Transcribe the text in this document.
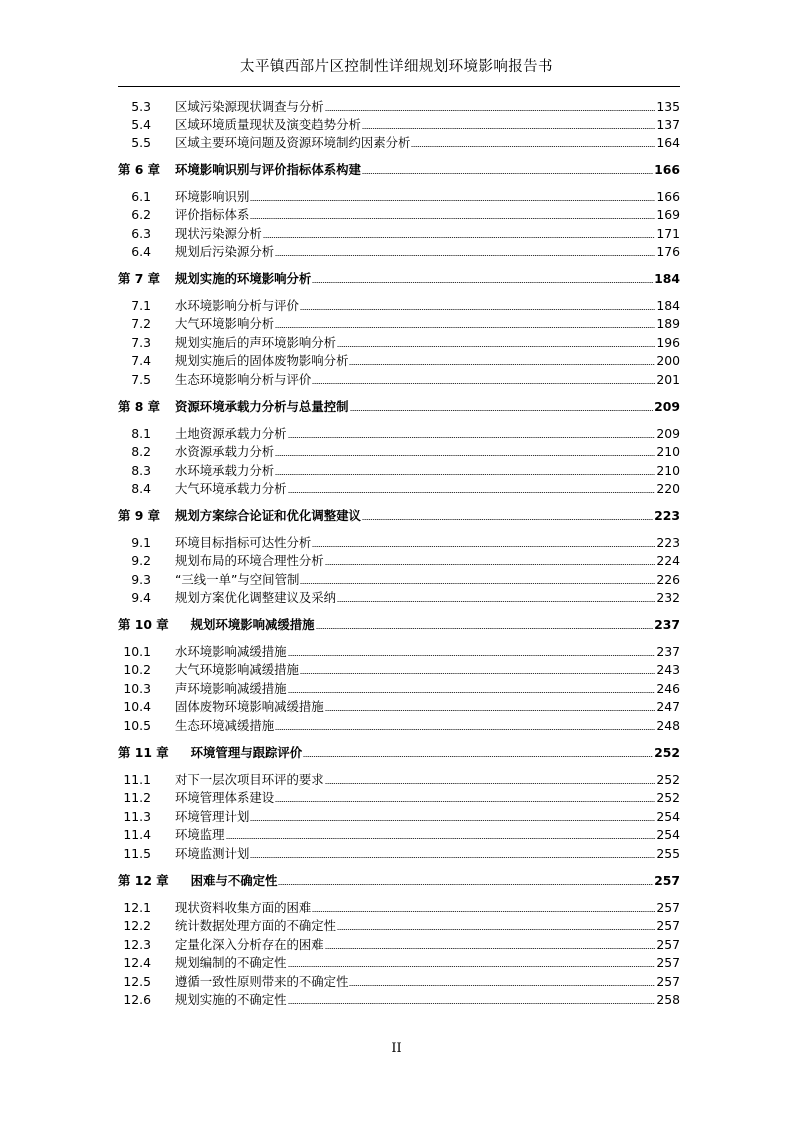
太平镇西部片区控制性详细规划环境影响报告书
5.3 区域污染源现状调查与分析	135
5.4 区域环境质量现状及演变趋势分析	137
5.5 区域主要环境问题及资源环境制约因素分析	164
第 6 章 环境影响识别与评价指标体系构建	166
6.1 环境影响识别	166
6.2 评价指标体系	169
6.3 现状污染源分析	171
6.4 规划后污染源分析	176
第 7 章 规划实施的环境影响分析	184
7.1 水环境影响分析与评价	184
7.2 大气环境影响分析	189
7.3 规划实施后的声环境影响分析	196
7.4 规划实施后的固体废物影响分析	200
7.5 生态环境影响分析与评价	201
第 8 章 资源环境承载力分析与总量控制	209
8.1 土地资源承载力分析	209
8.2 水资源承载力分析	210
8.3 水环境承载力分析	210
8.4 大气环境承载力分析	220
第 9 章 规划方案综合论证和优化调整建议	223
9.1 环境目标指标可达性分析	223
9.2 规划布局的环境合理性分析	224
9.3 “三线一单”与空间管制	226
9.4 规划方案优化调整建议及采纳	232
第 10 章 规划环境影响减缓措施	237
10.1 水环境影响减缓措施	237
10.2 大气环境影响减缓措施	243
10.3 声环境影响减缓措施	246
10.4 固体废物环境影响减缓措施	247
10.5 生态环境减缓措施	248
第 11 章 环境管理与跟踪评价	252
11.1 对下一层次项目环评的要求	252
11.2 环境管理体系建设	252
11.3 环境管理计划	254
11.4 环境监理	254
11.5 环境监测计划	255
第 12 章 困难与不确定性	257
12.1 现状资料收集方面的困难	257
12.2 统计数据处理方面的不确定性	257
12.3 定量化深入分析存在的困难	257
12.4 规划编制的不确定性	257
12.5 遵循一致性原则带来的不确定性	257
12.6 规划实施的不确定性	258
II
